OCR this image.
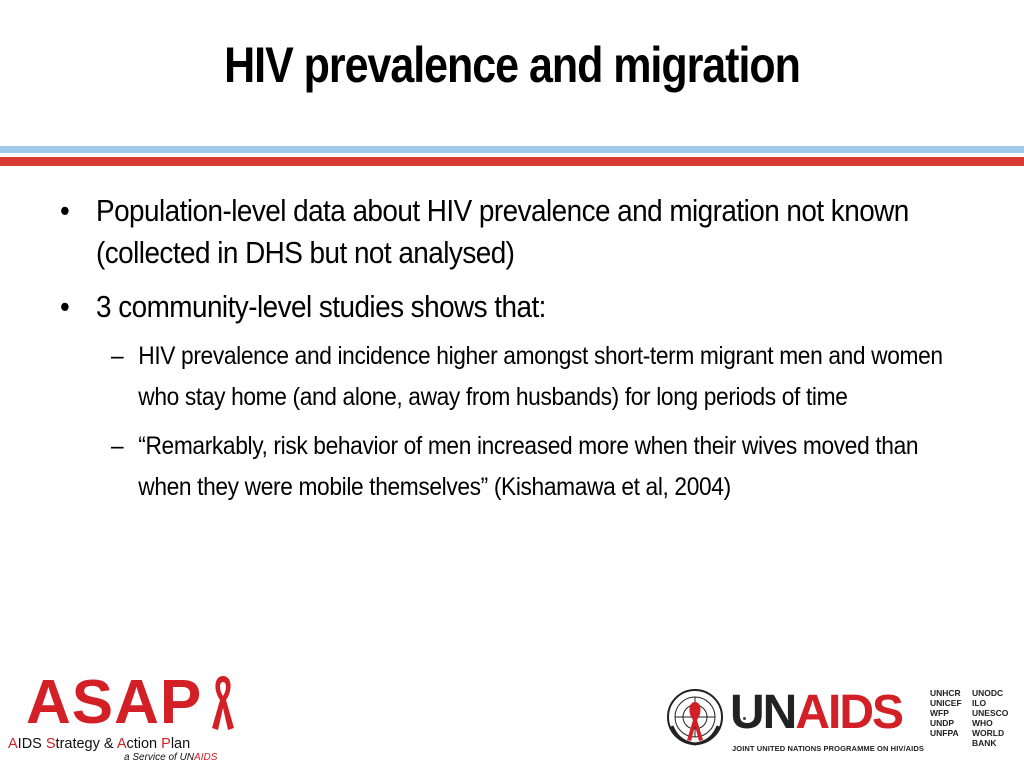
HIV prevalence and migration
• Population-level data about HIV prevalence and migration not known (collected in DHS but not analysed)
• 3 community-level studies shows that:
– HIV prevalence and incidence higher amongst short-term migrant men and women who stay home (and alone, away from husbands) for long periods of time
– “Remarkably, risk behavior of men increased more when their wives moved than when they were mobile themselves” (Kishamawa et al, 2004)
ASAP
AIDS Strategy & Action Plan
a Service of UNAIDS
UNAIDS
JOINT UNITED NATIONS PROGRAMME ON HIV/AIDS
UNHCR
UNICEF
WFP
UNDP
UNFPA
UNODC
ILO
UNESCO
WHO
WORLD BANK
